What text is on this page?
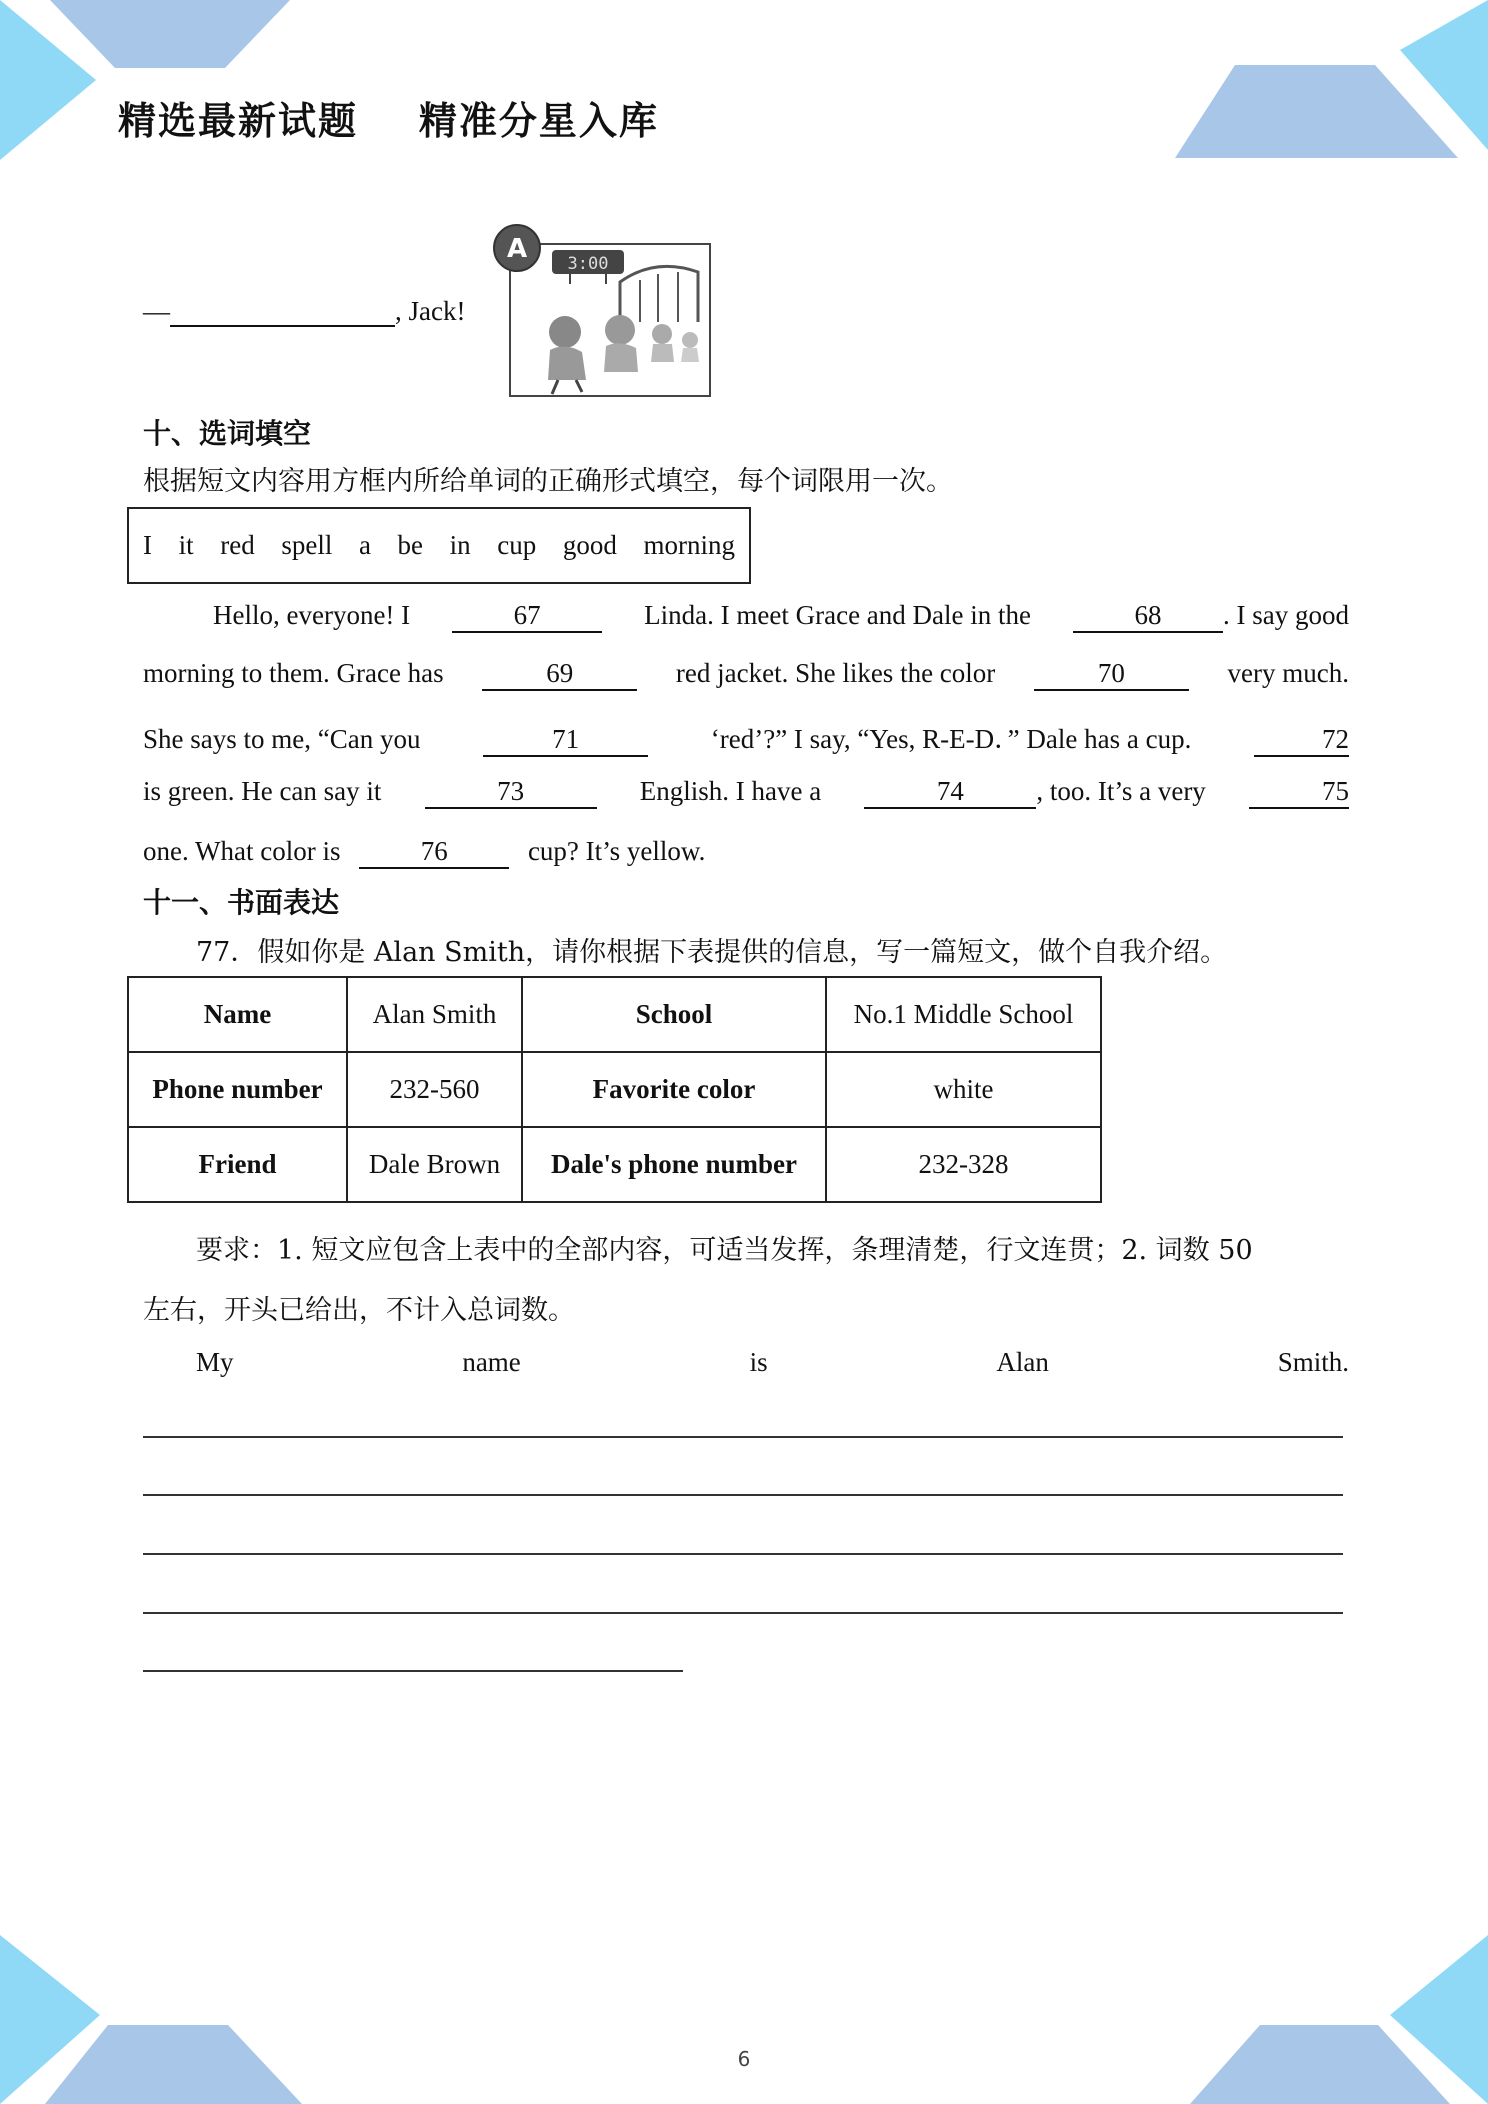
精选最新试题    精准分星入库
—	, Jack!
A 3:00
十、选词填空
根据短文内容用方框内所给单词的正确形式填空，每个词限用一次。
I it red spell a be in cup good morning
Hello, everyone! I	67	Linda. I meet Grace and Dale in the	68 . I say good
morning to them. Grace has	69	red jacket. She likes the color	70	very much.
She says to me, “Can you	71	‘red’?” I say, “Yes, R-E-D．” Dale has a cup.	72
is green. He can say it	73	English. I have a	74	, too. It’s a very	75
one. What color is	76	cup? It’s yellow.
十一、书面表达
77．假如你是 Alan Smith，请你根据下表提供的信息，写一篇短文，做个自我介绍。
Name	Alan Smith	School	No.1 Middle School
Phone number	232-560	Favorite color	white
Friend	Dale Brown	Dale's phone number	232-328
要求：1. 短文应包含上表中的全部内容，可适当发挥，条理清楚，行文连贯；2. 词数 50
左右，开头已给出，不计入总词数。
My	name	is	Alan	Smith.
6
